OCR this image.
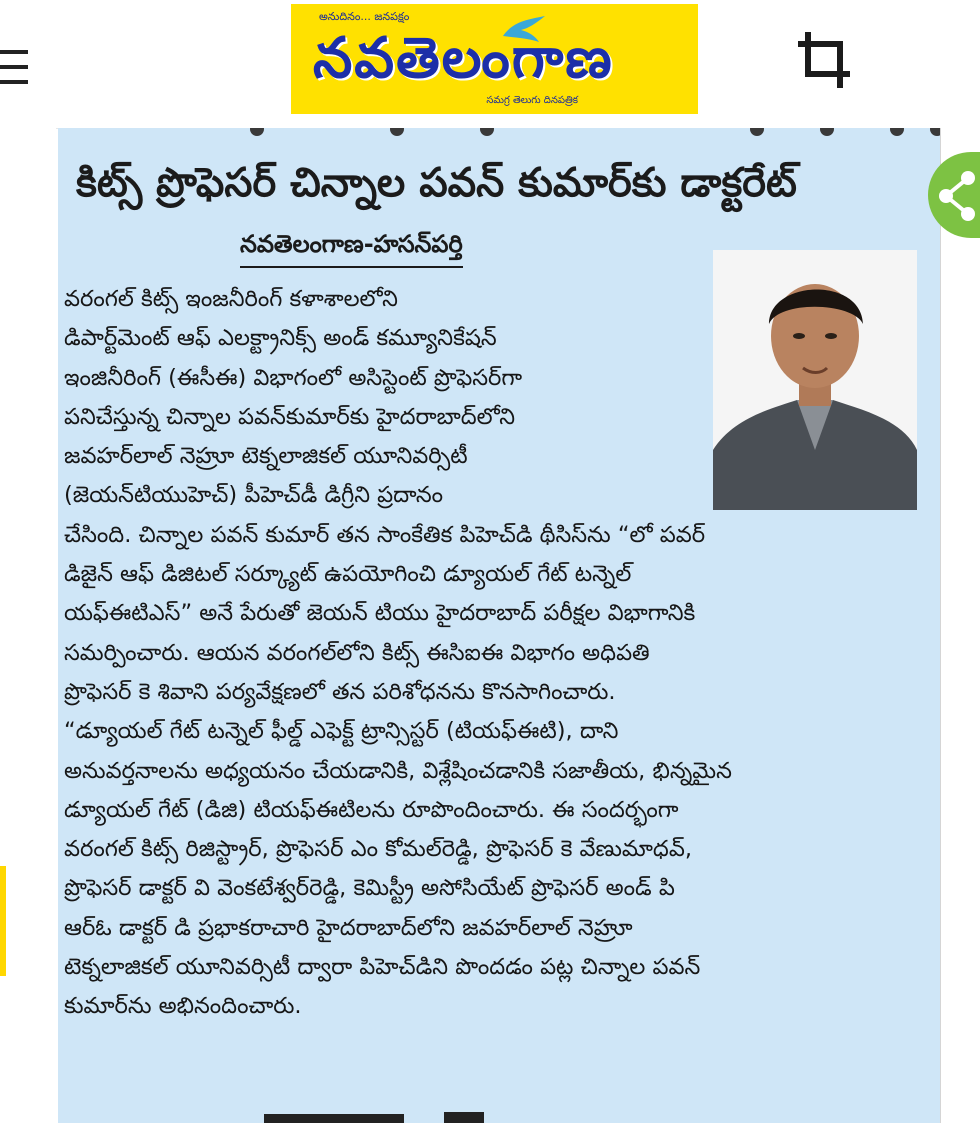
అనుదినం... జనపక్షం
నవతెలంగాణ
సమగ్ర తెలుగు దినపత్రిక
కిట్స్ ప్రొఫెసర్ చిన్నాల పవన్ కుమార్‌కు డాక్టరేట్
నవతెలంగాణ-హసన్‌పర్తి
వరంగల్ కిట్స్ ఇంజనీరింగ్ కళాశాలలోని
డిపార్ట్‌మెంట్ ఆఫ్ ఎలక్ట్రానిక్స్ అండ్ కమ్యూనికేషన్
ఇంజినీరింగ్ (ఈసీఈ) విభాగంలో అసిస్టెంట్ ప్రొఫెసర్‌గా
పనిచేస్తున్న చిన్నాల పవన్‌కుమార్‌కు హైదరాబాద్‌లోని
జవహర్‌లాల్ నెహ్రూ టెక్నలాజికల్ యూనివర్సిటీ
(జెయన్‌టియుహెచ్) పీహెచ్‌డీ డిగ్రీని ప్రదానం
చేసింది. చిన్నాల పవన్ కుమార్ తన సాంకేతిక పిహెచ్‌డి థీసిస్‌ను “లో పవర్
డిజైన్ ఆఫ్ డిజిటల్ సర్క్యూట్ ఉపయోగించి డ్యూయల్ గేట్ టన్నెల్
యఫ్‌ఈటిఎస్” అనే పేరుతో జెయన్ టియు హైదరాబాద్ పరీక్షల విభాగానికి
సమర్పించారు. ఆయన వరంగల్‌లోని కిట్స్ ఈసిఐఈ విభాగం అధిపతి
ప్రొఫెసర్ కె శివాని పర్యవేక్షణలో తన పరిశోధనను కొనసాగించారు.
“డ్యూయల్ గేట్ టన్నెల్ ఫీల్డ్ ఎఫెక్ట్ ట్రాన్సిస్టర్ (టియఫ్‌ఈటి), దాని
అనువర్తనాలను అధ్యయనం చేయడానికి, విశ్లేషించడానికి సజాతీయ, భిన్నమైన
డ్యూయల్ గేట్ (డిజి) టియఫ్‌ఈటిలను రూపొందించారు. ఈ సందర్భంగా
వరంగల్ కిట్స్ రిజిస్ట్రార్, ప్రొఫెసర్ ఎం కోమల్‌రెడ్డి, ప్రొఫెసర్ కె వేణుమాధవ్,
ప్రొఫెసర్ డాక్టర్ వి వెంకటేశ్వర్‌రెడ్డి, కెమిస్ట్రీ అసోసియేట్ ప్రొఫెసర్ అండ్ పి
ఆర్‌ఓ డాక్టర్ డి ప్రభాకరాచారి హైదరాబాద్‌లోని జవహర్‌లాల్ నెహ్రూ
టెక్నలాజికల్ యూనివర్సిటీ ద్వారా పిహెచ్‌డిని పొందడం పట్ల చిన్నాల పవన్
కుమార్‌ను అభినందించారు.
